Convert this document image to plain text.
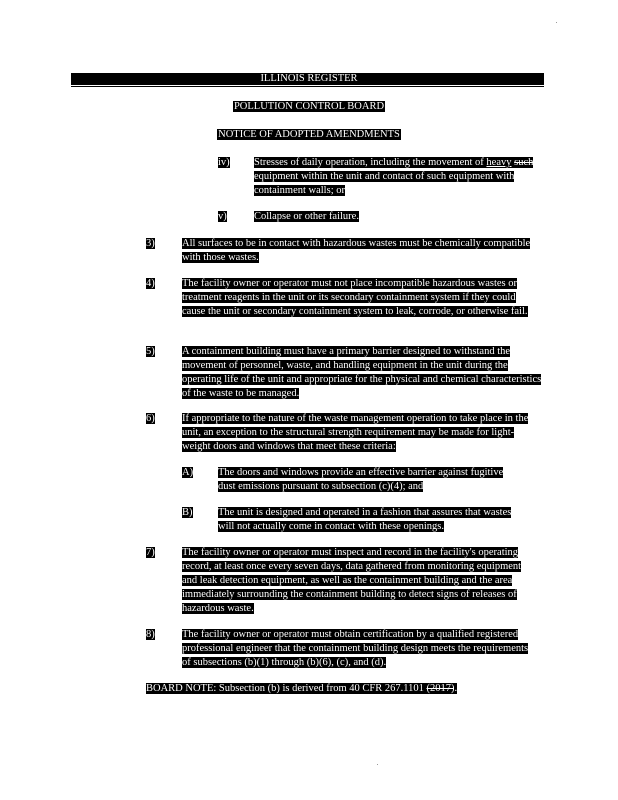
ILLINOIS REGISTER
POLLUTION CONTROL BOARD
NOTICE OF ADOPTED AMENDMENTS
iv) Stresses of daily operation, including the movement of heavy such equipment within the unit and contact of such equipment with containment walls; or
v)	Collapse or other failure.
3)	All surfaces to be in contact with hazardous wastes must be chemically compatible with those wastes.
4)	The facility owner or operator must not place incompatible hazardous wastes or treatment reagents in the unit or its secondary containment system if they could cause the unit or secondary containment system to leak, corrode, or otherwise fail.
5)	A containment building must have a primary barrier designed to withstand the movement of personnel, waste, and handling equipment in the unit during the operating life of the unit and appropriate for the physical and chemical characteristics of the waste to be managed.
6)	If appropriate to the nature of the waste management operation to take place in the unit, an exception to the structural strength requirement may be made for light-weight doors and windows that meet these criteria:
A) The doors and windows provide an effective barrier against fugitive dust emissions pursuant to subsection (c)(4); and
B) The unit is designed and operated in a fashion that assures that wastes will not actually come in contact with these openings.
7)	The facility owner or operator must inspect and record in the facility's operating record, at least once every seven days, data gathered from monitoring equipment and leak detection equipment, as well as the containment building and the area immediately surrounding the containment building to detect signs of releases of hazardous waste.
8)	The facility owner or operator must obtain certification by a qualified registered professional engineer that the containment building design meets the requirements of subsections (b)(1) through (b)(6), (c), and (d).
BOARD NOTE: Subsection (b) is derived from 40 CFR 267.1101 (2017).
